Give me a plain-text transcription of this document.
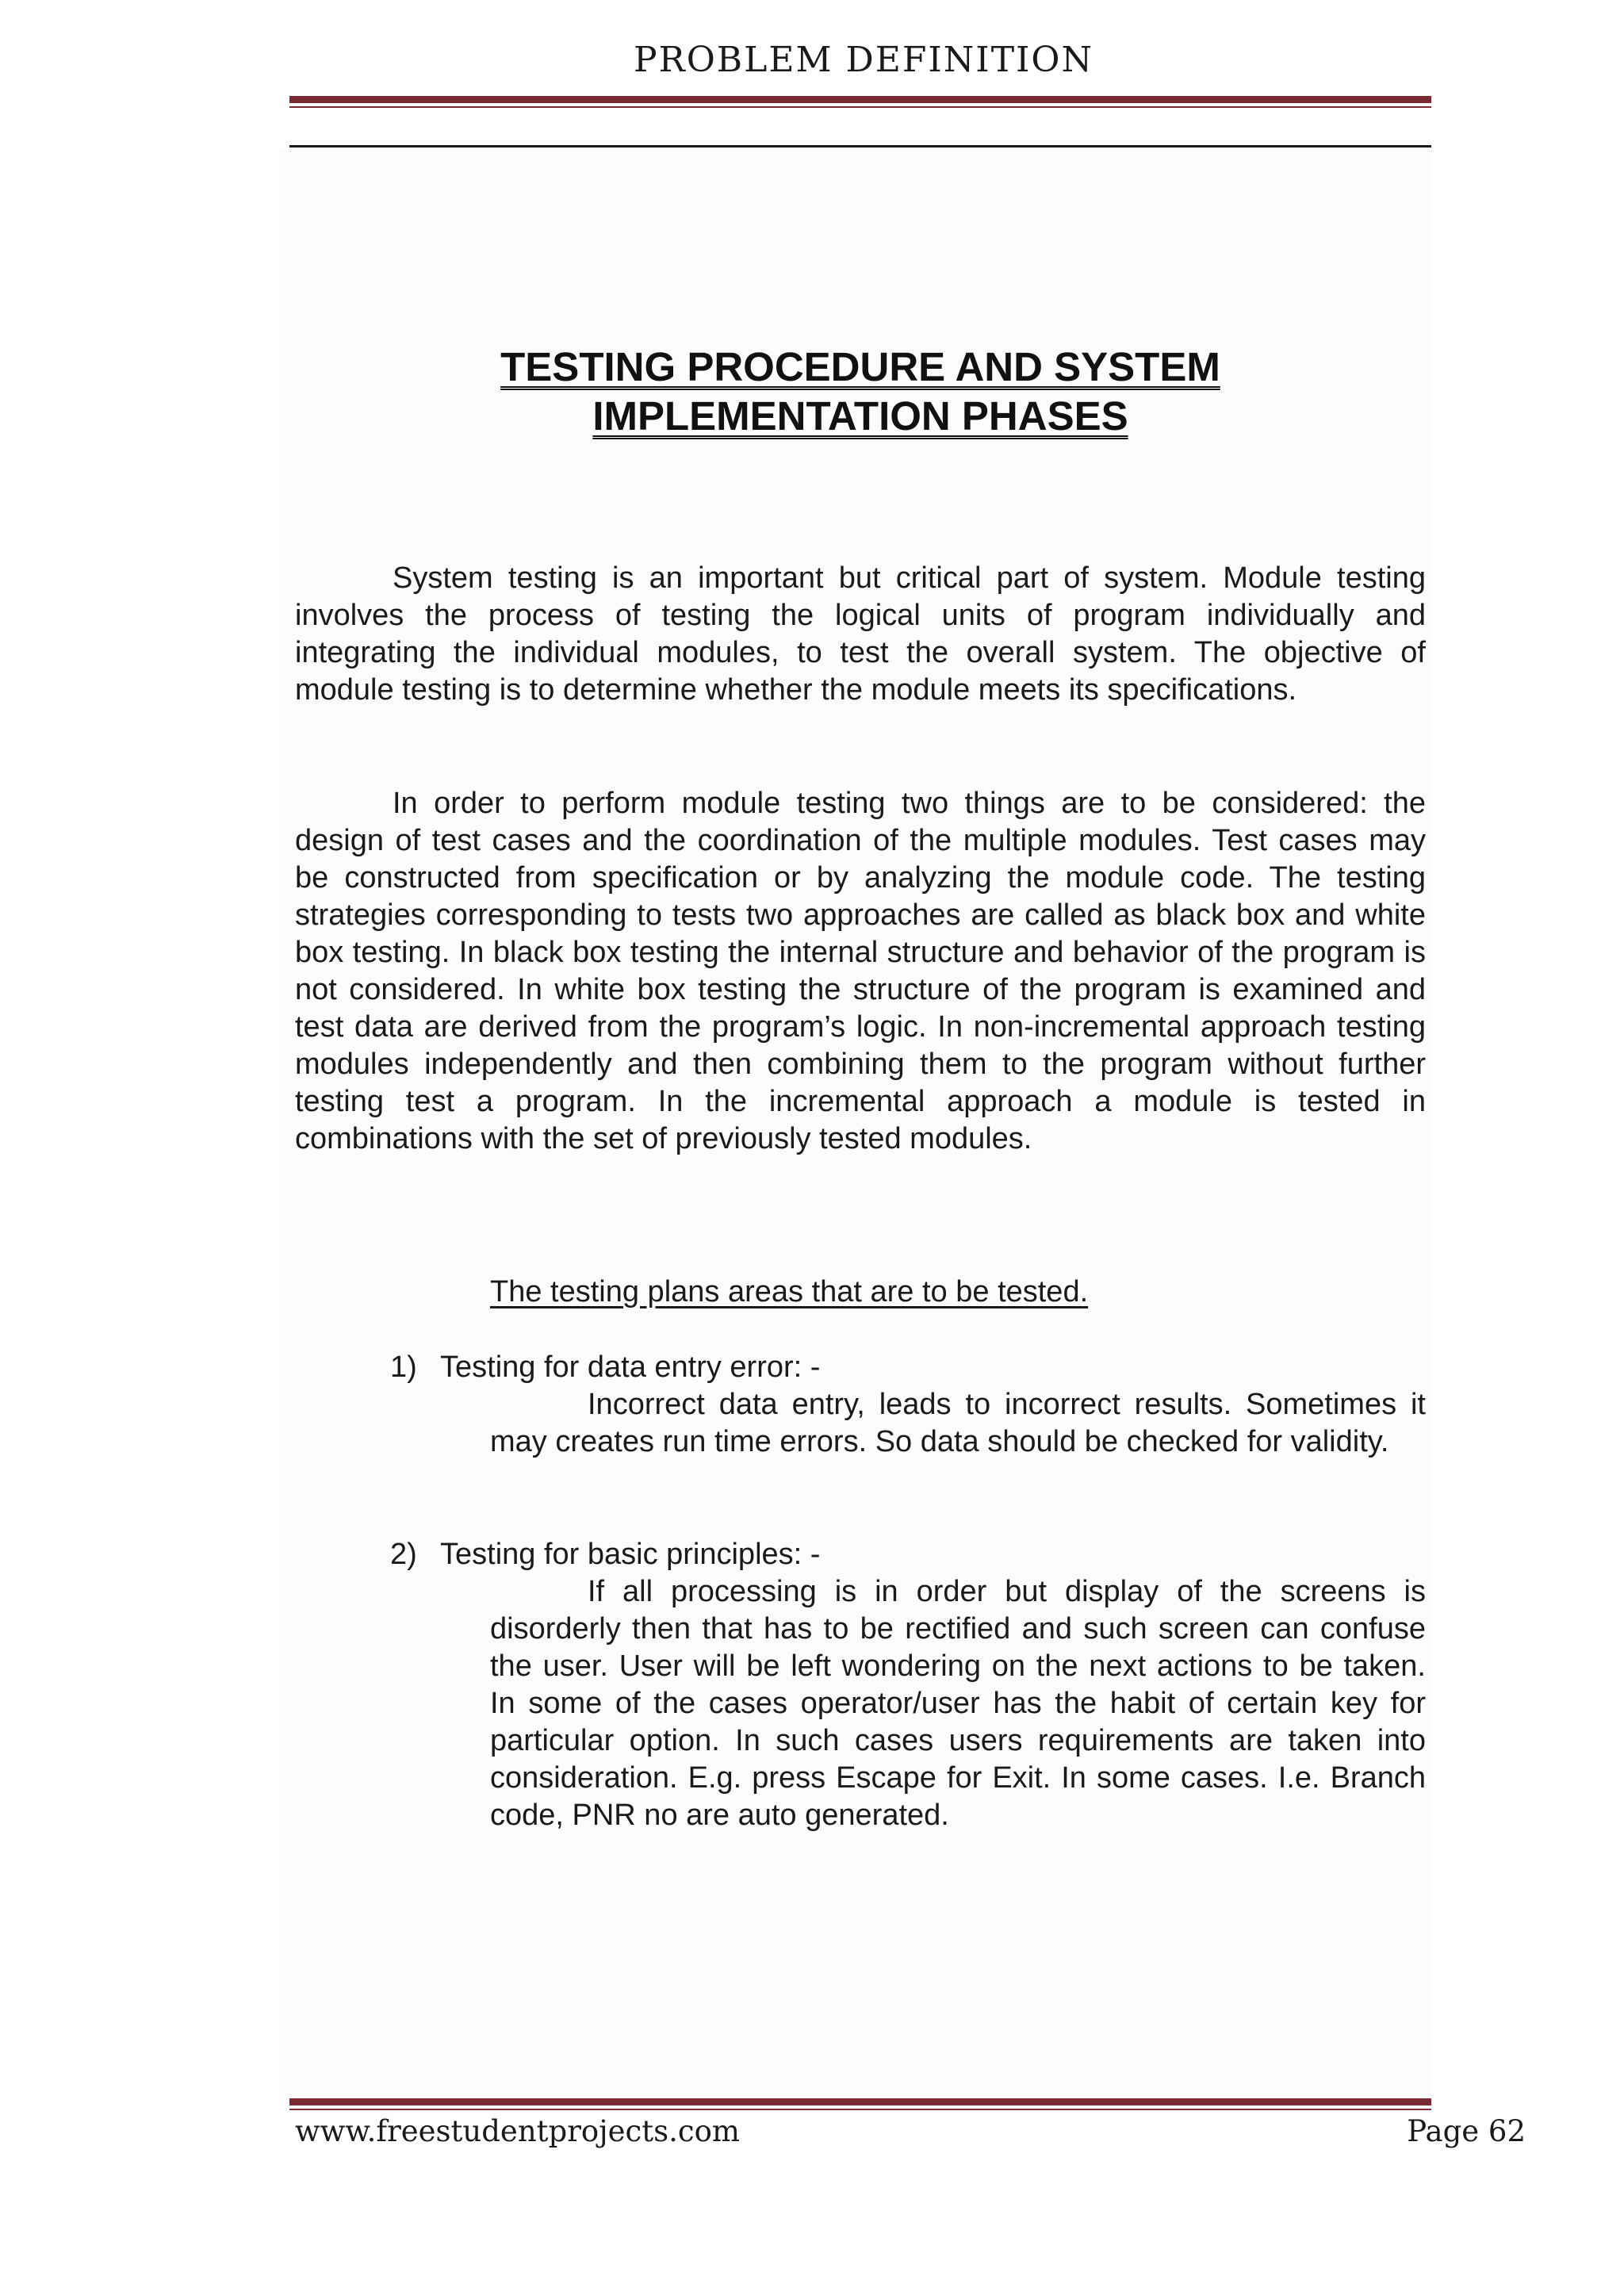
PROBLEM DEFINITION
TESTING PROCEDURE AND SYSTEM
IMPLEMENTATION PHASES
System testing is an important but critical part of system. Module testing involves the process of testing the logical units of program individually and integrating the individual modules, to test the overall system. The objective of module testing is to determine whether the module meets its specifications.
In order to perform module testing two things are to be considered: the design of test cases and the coordination of the multiple modules. Test cases may be constructed from specification or by analyzing the module code. The testing strategies corresponding to tests two approaches are called as black box and white box testing. In black box testing the internal structure and behavior of the program is not considered. In white box testing the structure of the program is examined and test data are derived from the program’s logic. In non-incremental approach testing modules independently and then combining them to the program without further testing test a program. In the incremental approach a module is tested in combinations with the set of previously tested modules.
The testing plans areas that are to be tested.
1) Testing for data entry error: -
Incorrect data entry, leads to incorrect results. Sometimes it may creates run time errors. So data should be checked for validity.
2) Testing for basic principles: -
If all processing is in order but display of the screens is disorderly then that has to be rectified and such screen can confuse the user. User will be left wondering on the next actions to be taken. In some of the cases operator/user has the habit of certain key for particular option. In such cases users requirements are taken into consideration. E.g. press Escape for Exit. In some cases. I.e. Branch code, PNR no are auto generated.
www.freestudentprojects.com	Page 62
